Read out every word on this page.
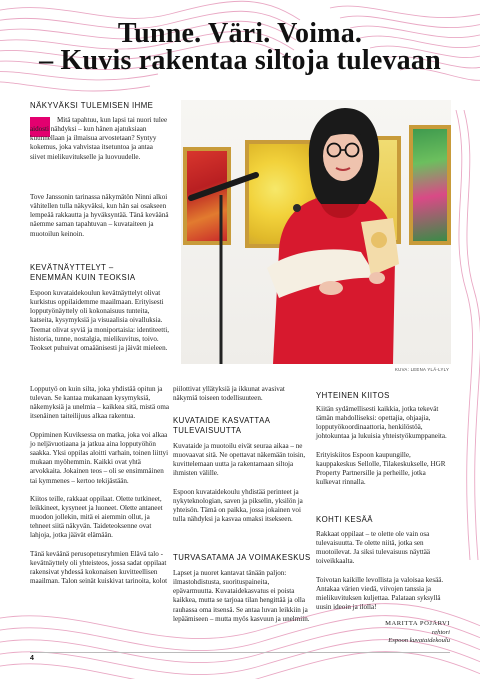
Tunne. Väri. Voima.
– Kuvis rakentaa siltoja tulevaan
NÄKYVÄKSI TULEMISEN IHME

Mitä tapahtuu, kun lapsi tai nuori tulee aidosti nähdyksi – kun hänen ajatuksiaan kuunnellaan ja ilmaisua arvostetaan? Syntyy kokemus, joka vahvistaa itsetuntoa ja antaa siivet mielikuvitukselle ja luovuudelle.

Tove Janssonin tarinassa näkymätön Ninni alkoi vähitellen tulla näkyväksi, kun hän sai osakseen lempeää rakkautta ja hyväksyntää. Tänä keväänä näemme saman tapahtuvan – kuvataiteen ja muotoilun keinoin.

KEVÄTNÄYTTELYT –
ENEMMÄN KUIN TEOKSIA

Espoon kuvataidekoulun kevätnäyttelyt olivat kurkistus oppilaidemme maailmaan. Erityisesti lopputyönäyttely oli kokonaisuus tunteita, katseita, kysymyksiä ja visuaalisia oivalluksia. Teemat olivat syviä ja moniportaisia: identiteetti, historia, tunne, nostalgia, mielikuvitus, toivo. Teokset puhuivat omaäänisesti ja jäivät mieleen.

KUVA: LEENA YLÄ-LYLY

Lopputyö on kuin silta, joka yhdistää opitun ja tulevan. Se kantaa mukanaan kysymyksiä, näkemyksiä ja unelmia – kaikkea sitä, mistä oma itsenäinen taiteilijuus alkaa rakentua.

Oppiminen Kuviksessa on matka, joka voi alkaa jo neljävuotiaana ja jatkua aina lopputyöhön saakka. Yksi oppilas aloitti varhain, toinen liittyi mukaan myöhemmin. Kaikki ovat yhtä arvokkaita. Jokainen teos – oli se ensimmäinen tai kymmenes – kertoo tekijästään.

Kiitos teille, rakkaat oppilaat. Olette tutkineet, leikkineet, kysyneet ja luoneet. Olette antaneet muodon jollekin, mitä ei aiemmin ollut, ja tehneet siitä näkyvän. Taideteoksenne ovat lahjoja, jotka jäävät elämään.

Tänä keväänä perusopetusryhmien Elävä talo -kevätnäyttely oli yhteisteos, jossa sadat oppilaat rakensivat yhdessä kokonaisen kuvitteellisen maailman. Talon seinät kuiskivat tarinoita, kolot

piilottivat yllätyksiä ja ikkunat avasivat näkymiä toiseen todellisuuteen.

KUVATAIDE KASVATTAA
TULEVAISUUTTA

Kuvataide ja muotoilu eivät seuraa aikaa – ne muovaavat sitä. Ne opettavat näkemään toisin, kuvittelemaan uutta ja rakentamaan siltoja ihmisten välille.

Espoon kuvataidekoulu yhdistää perinteet ja nykyteknologian, saven ja pikselin, yksilön ja yhteisön. Tämä on paikka, jossa jokainen voi tulla nähdyksi ja kasvaa omaksi itsekseen.

TURVASATAMA JA VOIMAKESKUS

Lapset ja nuoret kantavat tänään paljon: ilmastohdistusta, suorituspaineita, epävarmuutta. Kuvataidekasvatus ei poista kaikkea, mutta se tarjoaa tilan hengittää ja olla rauhassa oma itsensä. Se antaa luvan leikkiin ja lepäämiseen – mutta myös kasvuun ja unelmiin.

YHTEINEN KIITOS

Kiitän sydämellisesti kaikkia, jotka tekevät tämän mahdolliseksi: opettajia, ohjaajia, lopputyökoordinaattoria, henkilöstöä, johtokuntaa ja lukuisia yhteistyökumppaneita.

Erityiskiitos Espoon kaupungille, kauppakeskus Sellolle, Tilakeskukselle, HGR Property Partnersille ja perheille, jotka kulkevat rinnalla.

KOHTI KESÄÄ

Rakkaat oppilaat – te olette ole vain osa tulevaisuutta. Te olette niitä, jotka sen muotoilevat. Ja siksi tulevaisuus näyttää toiveikkaalta.

Toivotan kaikille levollista ja valoisaa kesää. Antakaa värien viedä, viivojen tanssia ja mielikuvituksen kuljettaa. Palataan syksyllä uusin ideoin ja ilolla!

MARITTA POJÄRVI
rehtori
Espoon kuvataidekoulu
4
